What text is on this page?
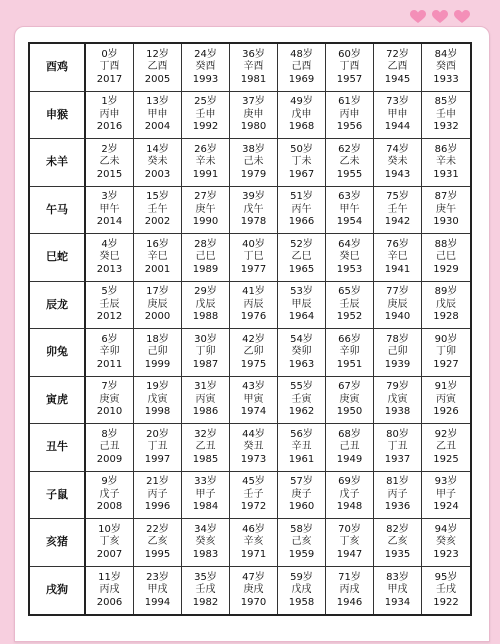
酉鸡
0岁
丁酉
2017
12岁
乙酉
2005
24岁
癸酉
1993
36岁
辛酉
1981
48岁
己酉
1969
60岁
丁酉
1957
72岁
乙酉
1945
84岁
癸酉
1933
申猴
1岁
丙申
2016
13岁
甲申
2004
25岁
壬申
1992
37岁
庚申
1980
49岁
戊申
1968
61岁
丙申
1956
73岁
甲申
1944
85岁
壬申
1932
未羊
2岁
乙未
2015
14岁
癸未
2003
26岁
辛未
1991
38岁
己未
1979
50岁
丁未
1967
62岁
乙未
1955
74岁
癸未
1943
86岁
辛未
1931
午马
3岁
甲午
2014
15岁
壬午
2002
27岁
庚午
1990
39岁
戊午
1978
51岁
丙午
1966
63岁
甲午
1954
75岁
壬午
1942
87岁
庚午
1930
巳蛇
4岁
癸巳
2013
16岁
辛巳
2001
28岁
己巳
1989
40岁
丁巳
1977
52岁
乙巳
1965
64岁
癸巳
1953
76岁
辛巳
1941
88岁
己巳
1929
辰龙
5岁
壬辰
2012
17岁
庚辰
2000
29岁
戊辰
1988
41岁
丙辰
1976
53岁
甲辰
1964
65岁
壬辰
1952
77岁
庚辰
1940
89岁
戊辰
1928
卯兔
6岁
辛卯
2011
18岁
己卯
1999
30岁
丁卯
1987
42岁
乙卯
1975
54岁
癸卯
1963
66岁
辛卯
1951
78岁
己卯
1939
90岁
丁卯
1927
寅虎
7岁
庚寅
2010
19岁
戊寅
1998
31岁
丙寅
1986
43岁
甲寅
1974
55岁
壬寅
1962
67岁
庚寅
1950
79岁
戊寅
1938
91岁
丙寅
1926
丑牛
8岁
己丑
2009
20岁
丁丑
1997
32岁
乙丑
1985
44岁
癸丑
1973
56岁
辛丑
1961
68岁
己丑
1949
80岁
丁丑
1937
92岁
乙丑
1925
子鼠
9岁
戊子
2008
21岁
丙子
1996
33岁
甲子
1984
45岁
壬子
1972
57岁
庚子
1960
69岁
戊子
1948
81岁
丙子
1936
93岁
甲子
1924
亥猪
10岁
丁亥
2007
22岁
乙亥
1995
34岁
癸亥
1983
46岁
辛亥
1971
58岁
己亥
1959
70岁
丁亥
1947
82岁
乙亥
1935
94岁
癸亥
1923
戌狗
11岁
丙戌
2006
23岁
甲戌
1994
35岁
壬戌
1982
47岁
庚戌
1970
59岁
戊戌
1958
71岁
丙戌
1946
83岁
甲戌
1934
95岁
壬戌
1922
